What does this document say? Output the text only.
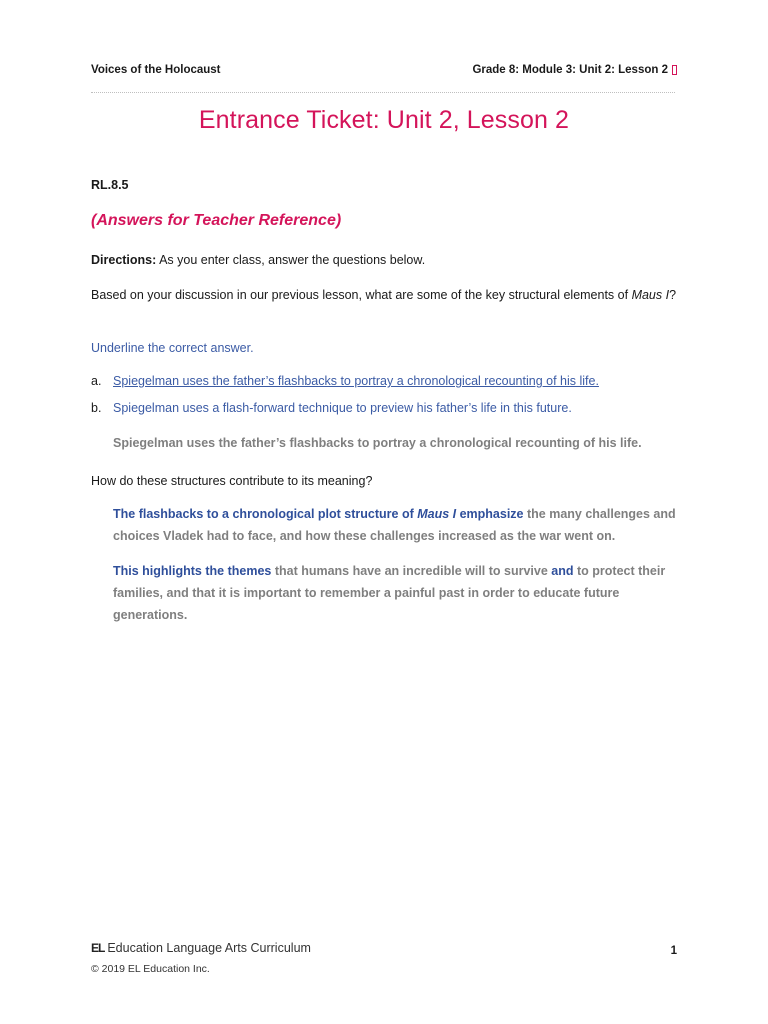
Voices of the Holocaust	Grade 8: Module 3: Unit 2: Lesson 2
Entrance Ticket: Unit 2, Lesson 2
RL.8.5
(Answers for Teacher Reference)
Directions: As you enter class, answer the questions below.
Based on your discussion in our previous lesson, what are some of the key structural elements of Maus I?
Underline the correct answer.
a. Spiegelman uses the father’s flashbacks to portray a chronological recounting of his life.
b. Spiegelman uses a flash-forward technique to preview his father’s life in this future.
Spiegelman uses the father’s flashbacks to portray a chronological recounting of his life.
How do these structures contribute to its meaning?
The flashbacks to a chronological plot structure of Maus I emphasize the many challenges and choices Vladek had to face, and how these challenges increased as the war went on.
This highlights the themes that humans have an incredible will to survive and to protect their families, and that it is important to remember a painful past in order to educate future generations.
EL Education Language Arts Curriculum
© 2019 EL Education Inc.
1
